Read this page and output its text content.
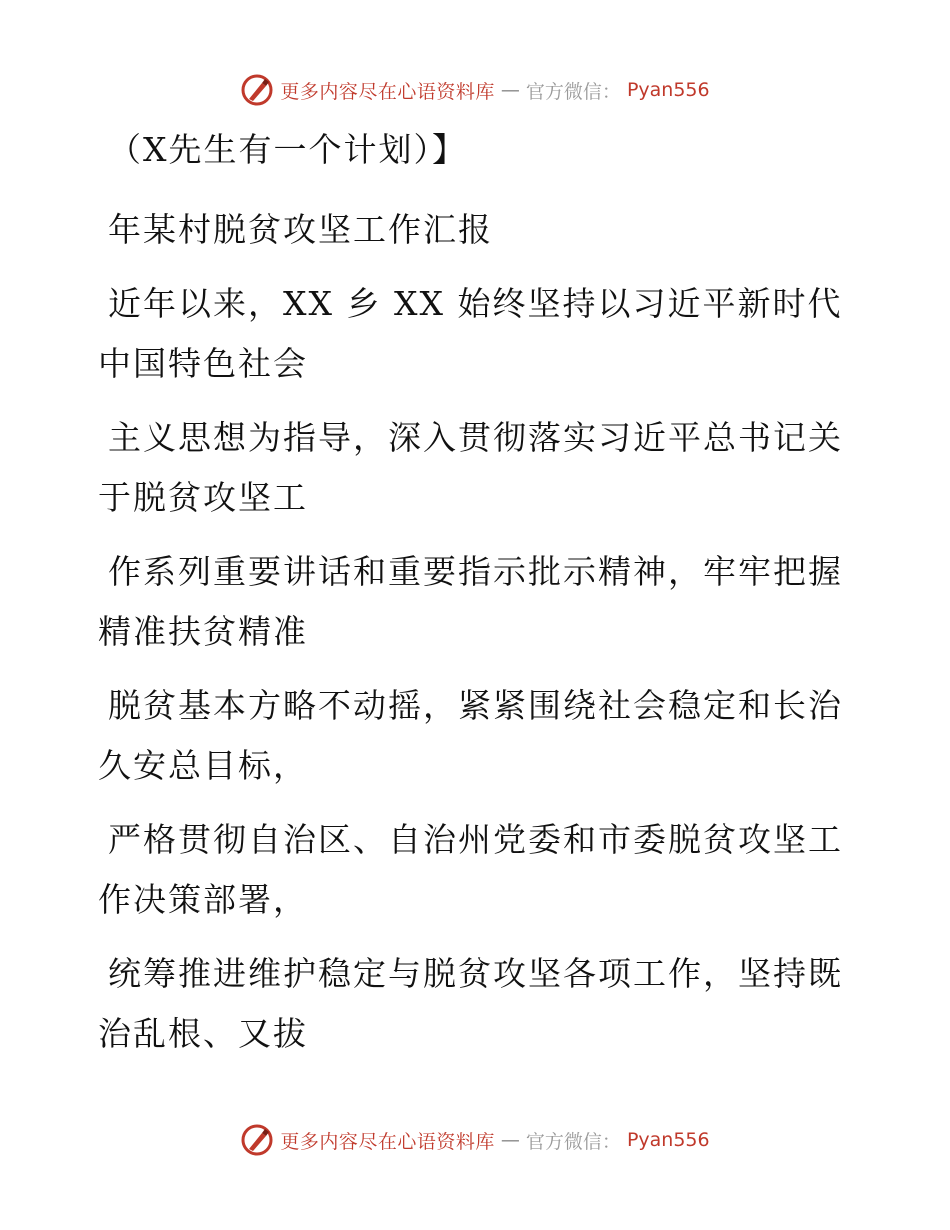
更多内容尽在心语资料库 — 官方微信： Pyan556

（X先生有一个计划）】

年某村脱贫攻坚工作汇报

近年以来，XX 乡 XX 始终坚持以习近平新时代中国特色社会

主义思想为指导，深入贯彻落实习近平总书记关于脱贫攻坚工

作系列重要讲话和重要指示批示精神，牢牢把握精准扶贫精准

脱贫基本方略不动摇，紧紧围绕社会稳定和长治久安总目标，

严格贯彻自治区、自治州党委和市委脱贫攻坚工作决策部署，

统筹推进维护稳定与脱贫攻坚各项工作，坚持既治乱根、又拔

更多内容尽在心语资料库 — 官方微信： Pyan556
